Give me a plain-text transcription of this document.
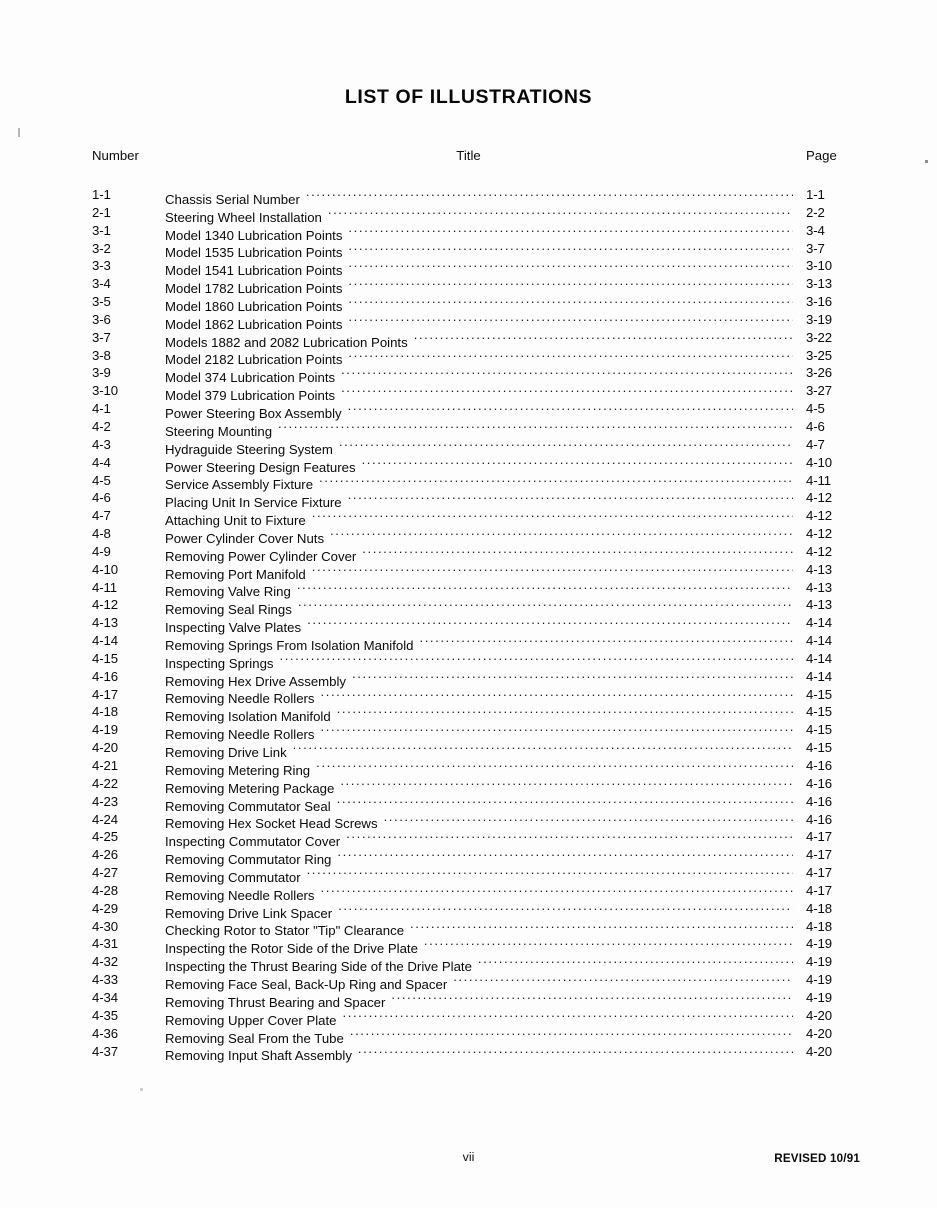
LIST OF ILLUSTRATIONS
Number	Title	Page
1-1	Chassis Serial Number .....	1-1
2-1	Steering Wheel Installation .....	2-2
3-1	Model 1340 Lubrication Points .....	3-4
3-2	Model 1535 Lubrication Points .....	3-7
3-3	Model 1541 Lubrication Points .....	3-10
3-4	Model 1782 Lubrication Points .....	3-13
3-5	Model 1860 Lubrication Points .....	3-16
3-6	Model 1862 Lubrication Points .....	3-19
3-7	Models 1882 and 2082 Lubrication Points .....	3-22
3-8	Model 2182 Lubrication Points .....	3-25
3-9	Model 374 Lubrication Points .....	3-26
3-10	Model 379 Lubrication Points .....	3-27
4-1	Power Steering Box Assembly .....	4-5
4-2	Steering Mounting .....	4-6
4-3	Hydraguide Steering System .....	4-7
4-4	Power Steering Design Features .....	4-10
4-5	Service Assembly Fixture .....	4-11
4-6	Placing Unit In Service Fixture .....	4-12
4-7	Attaching Unit to Fixture .....	4-12
4-8	Power Cylinder Cover Nuts .....	4-12
4-9	Removing Power Cylinder Cover .....	4-12
4-10	Removing Port Manifold .....	4-13
4-11	Removing Valve Ring .....	4-13
4-12	Removing Seal Rings .....	4-13
4-13	Inspecting Valve Plates .....	4-14
4-14	Removing Springs From Isolation Manifold .....	4-14
4-15	Inspecting Springs .....	4-14
4-16	Removing Hex Drive Assembly .....	4-14
4-17	Removing Needle Rollers .....	4-15
4-18	Removing Isolation Manifold .....	4-15
4-19	Removing Needle Rollers .....	4-15
4-20	Removing Drive Link .....	4-15
4-21	Removing Metering Ring .....	4-16
4-22	Removing Metering Package .....	4-16
4-23	Removing Commutator Seal .....	4-16
4-24	Removing Hex Socket Head Screws .....	4-16
4-25	Inspecting Commutator Cover .....	4-17
4-26	Removing Commutator Ring .....	4-17
4-27	Removing Commutator .....	4-17
4-28	Removing Needle Rollers .....	4-17
4-29	Removing Drive Link Spacer .....	4-18
4-30	Checking Rotor to Stator "Tip" Clearance .....	4-18
4-31	Inspecting the Rotor Side of the Drive Plate .....	4-19
4-32	Inspecting the Thrust Bearing Side of the Drive Plate .....	4-19
4-33	Removing Face Seal, Back-Up Ring and Spacer .....	4-19
4-34	Removing Thrust Bearing and Spacer .....	4-19
4-35	Removing Upper Cover Plate .....	4-20
4-36	Removing Seal From the Tube .....	4-20
4-37	Removing Input Shaft Assembly .....	4-20
vii	REVISED 10/91
